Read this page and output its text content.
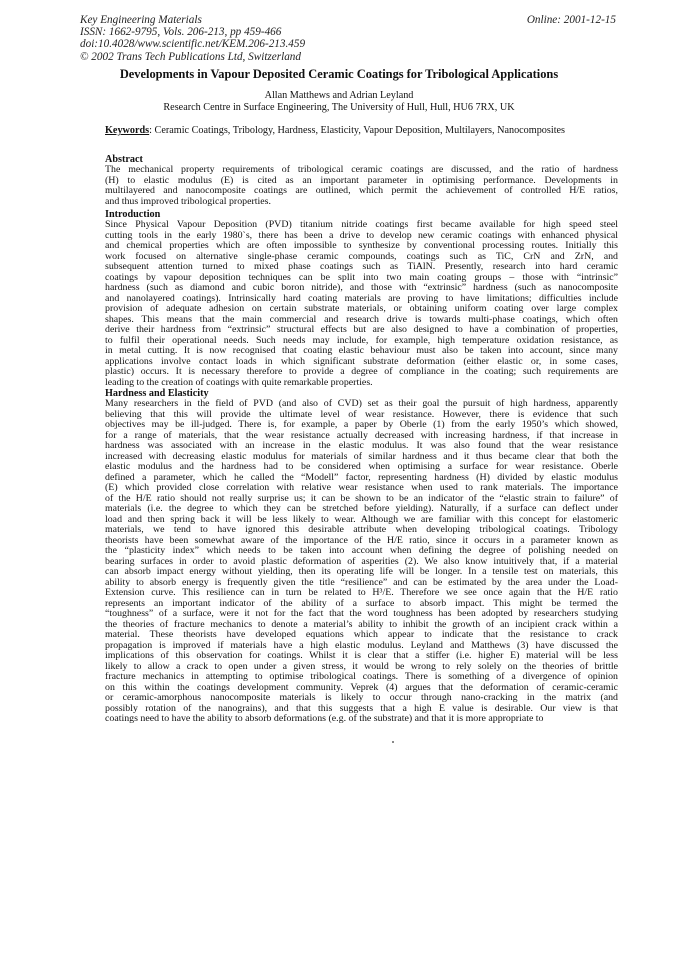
Key Engineering Materials
ISSN: 1662-9795, Vols. 206-213, pp 459-466
doi:10.4028/www.scientific.net/KEM.206-213.459
© 2002 Trans Tech Publications Ltd, Switzerland
Online: 2001-12-15
Developments in Vapour Deposited Ceramic Coatings for Tribological Applications
Allan Matthews and Adrian Leyland
Research Centre in Surface Engineering, The University of Hull, Hull, HU6 7RX, UK
Keywords: Ceramic Coatings, Tribology, Hardness, Elasticity, Vapour Deposition, Multilayers, Nanocomposites
Abstract
The mechanical property requirements of tribological ceramic coatings are discussed, and the ratio of hardness
(H) to elastic modulus (E) is cited as an important parameter in optimising performance. Developments in
multilayered and nanocomposite coatings are outlined, which permit the achievement of controlled H/E ratios,
and thus improved tribological properties.
Introduction
Since Physical Vapour Deposition (PVD) titanium nitride coatings first became available for high speed steel
cutting tools in the early 1980`s, there has been a drive to develop new ceramic coatings with enhanced physical
and chemical properties which are often impossible to synthesize by conventional processing routes. Initially this
work focused on alternative single-phase ceramic compounds, coatings such as TiC, CrN and ZrN, and
subsequent attention turned to mixed phase coatings such as TiAlN. Presently, research into hard ceramic
coatings by vapour deposition techniques can be split into two main coating groups – those with “intrinsic”
hardness (such as diamond and cubic boron nitride), and those with “extrinsic” hardness (such as nanocomposite
and nanolayered coatings). Intrinsically hard coating materials are proving to have limitations; difficulties include
provision of adequate adhesion on certain substrate materials, or obtaining uniform coating over large complex
shapes. This means that the main commercial and research drive is towards multi-phase coatings, which often
derive their hardness from “extrinsic” structural effects but are also designed to have a combination of properties,
to fulfil their operational needs. Such needs may include, for example, high temperature oxidation resistance, as
in metal cutting. It is now recognised that coating elastic behaviour must also be taken into account, since many
applications involve contact loads in which significant substrate deformation (either elastic or, in some cases,
plastic) occurs. It is necessary therefore to provide a degree of compliance in the coating; such requirements are
leading to the creation of coatings with quite remarkable properties.
Hardness and Elasticity
Many researchers in the field of PVD (and also of CVD) set as their goal the pursuit of high hardness, apparently
believing that this will provide the ultimate level of wear resistance. However, there is evidence that such
objectives may be ill-judged. There is, for example, a paper by Oberle (1) from the early 1950’s which showed,
for a range of materials, that the wear resistance actually decreased with increasing hardness, if that increase in
hardness was associated with an increase in the elastic modulus. It was also found that the wear resistance
increased with decreasing elastic modulus for materials of similar hardness and it thus became clear that both the
elastic modulus and the hardness had to be considered when optimising a surface for wear resistance. Oberle
defined a parameter, which he called the “Modell” factor, representing hardness (H) divided by elastic modulus
(E) which provided close correlation with relative wear resistance when used to rank materials. The importance
of the H/E ratio should not really surprise us; it can be shown to be an indicator of the “elastic strain to failure” of
materials (i.e. the degree to which they can be stretched before yielding). Naturally, if a surface can deflect under
load and then spring back it will be less likely to wear. Although we are familiar with this concept for elastomeric
materials, we tend to have ignored this desirable attribute when developing tribological coatings. Tribology
theorists have been somewhat aware of the importance of the H/E ratio, since it occurs in a parameter known as
the “plasticity index” which needs to be taken into account when defining the degree of polishing needed on
bearing surfaces in order to avoid plastic deformation of asperities (2). We also know intuitively that, if a material
can absorb impact energy without yielding, then its operating life will be longer. In a tensile test on materials, this
ability to absorb energy is frequently given the title “resilience” and can be estimated by the area under the Load-
Extension curve. This resilience can in turn be related to H³/E. Therefore we see once again that the H/E ratio
represents an important indicator of the ability of a surface to absorb impact. This might be termed the
“toughness” of a surface, were it not for the fact that the word toughness has been adopted by researchers studying
the theories of fracture mechanics to denote a material’s ability to inhibit the growth of an incipient crack within a
material. These theorists have developed equations which appear to indicate that the resistance to crack
propagation is improved if materials have a high elastic modulus. Leyland and Matthews (3) have discussed the
implications of this observation for coatings. Whilst it is clear that a stiffer (i.e. higher E) material will be less
likely to allow a crack to open under a given stress, it would be wrong to rely solely on the theories of brittle
fracture mechanics in attempting to optimise tribological coatings. There is something of a divergence of opinion
on this within the coatings development community. Veprek (4) argues that the deformation of ceramic-ceramic
or ceramic-amorphous nanocomposite materials is likely to occur through nano-cracking in the matrix (and
possibly rotation of the nanograins), and that this suggests that a high E value is desirable. Our view is that
coatings need to have the ability to absorb deformations (e.g. of the substrate) and that it is more appropriate to
